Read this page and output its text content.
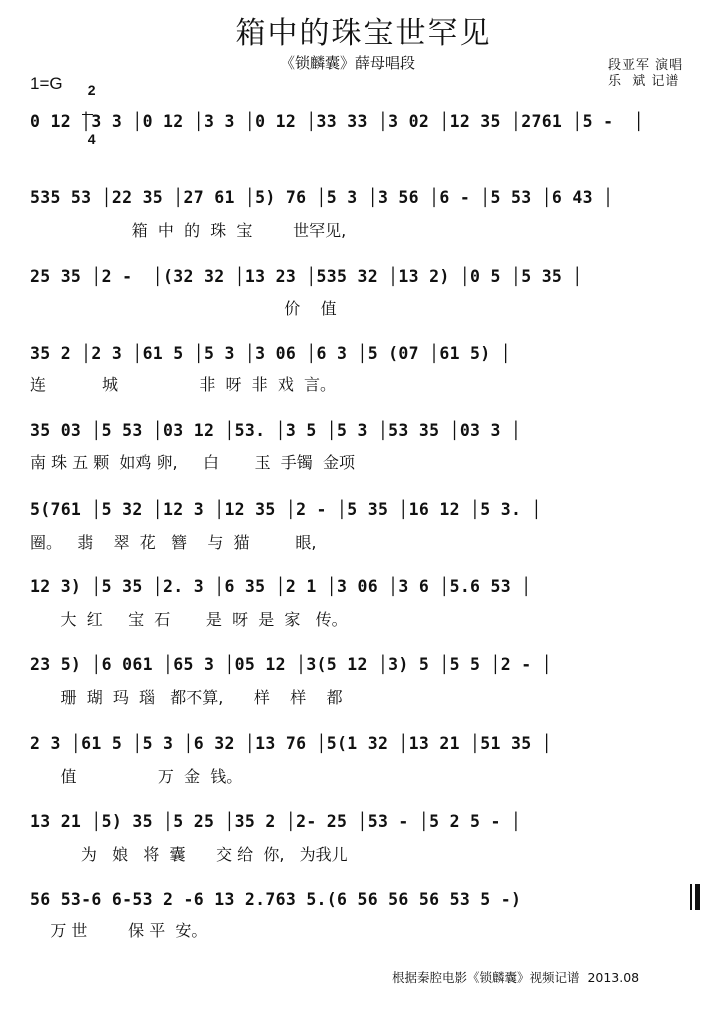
箱中的珠宝世罕见
《锁麟囊》薛母唱段	段亚军 演唱
乐  斌 记谱
1=G	2

4

0 12 │3 3 │0 12 │3 3 │0 12 │33 33 │3 02 │12 35 │2761 │5 -  │
535 53 │22 35 │27 61 │5) 76 │5 3 │3 56 │6 - │5 53 │6 43 │
箱  中  的  珠  宝        世罕见,
25 35 │2 -  │(32 32 │13 23 │535 32 │13 2) │0 5 │5 35 │
价    值
35 2 │2 3 │61 5 │5 3 │3 06 │6 3 │5 (07 │61 5) │
连           城                非  呀  非  戏  言。
35 03 │5 53 │03 12 │53. │3 5 │5 3 │53 35 │03 3 │
南 珠 五 颗  如鸡 卵,     白       玉  手镯  金项
5(761 │5 32 │12 3 │12 35 │2 - │5 35 │16 12 │5 3. │
圈。   翡    翠  花   簪    与  猫         眼,
12 3) │5 35 │2. 3 │6 35 │2 1 │3 06 │3 6 │5.6 53 │
大  红     宝  石       是  呀  是  家   传。
23 5) │6 061 │65 3 │05 12 │3(5 12 │3) 5 │5 5 │2 - │
珊  瑚  玛  瑙   都不算,      样    样    都
2 3 │61 5 │5 3 │6 32 │13 76 │5(1 32 │13 21 │51 35 │
值                万  金  钱。
13 21 │5) 35 │5 25 │35 2 │2- 25 │53 - │5 2 5 - │
为   娘   将  囊      交 给  你,   为我儿
56 53-6 6-53 2 -6 13 2.763 5.(6 56 56 56 53 5 -)
万 世        保 平  安。
根据秦腔电影《锁麟囊》视频记谱  2013.08
